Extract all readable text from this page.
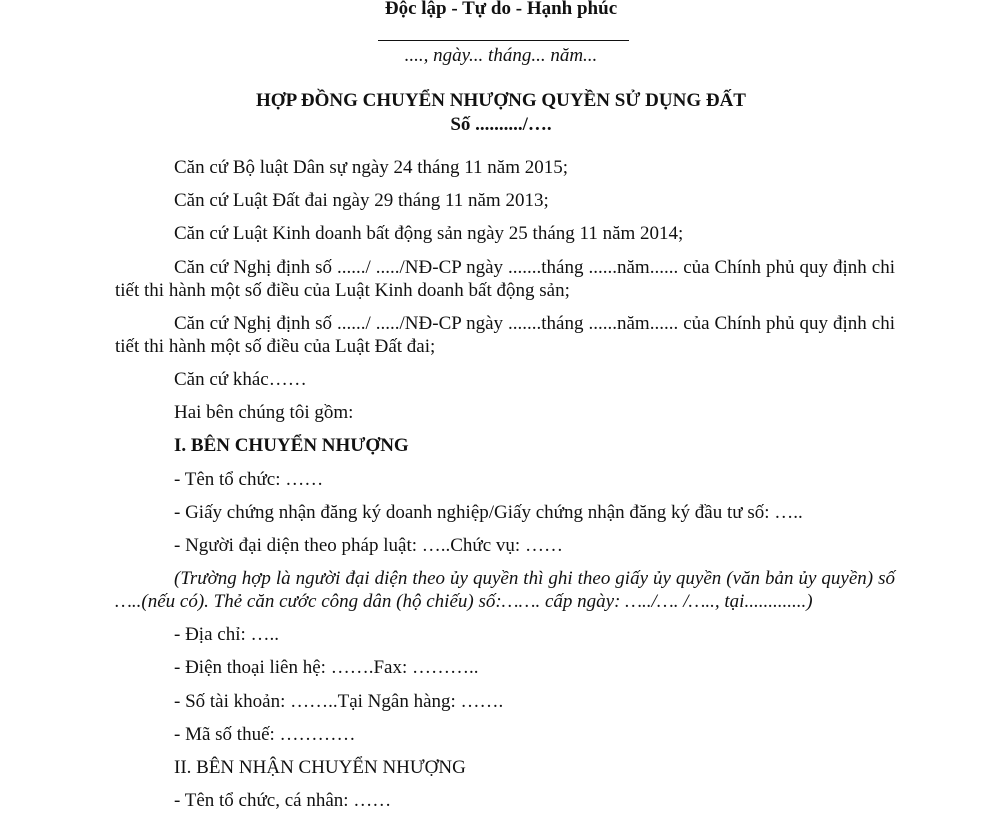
Độc lập - Tự do - Hạnh phúc
...., ngày... tháng... năm...
HỢP ĐỒNG CHUYỂN NHƯỢNG QUYỀN SỬ DỤNG ĐẤT
Số ........../….

Căn cứ Bộ luật Dân sự ngày 24 tháng 11 năm 2015;

Căn cứ Luật Đất đai ngày 29 tháng 11 năm 2013;

Căn cứ Luật Kinh doanh bất động sản ngày 25 tháng 11 năm 2014;

Căn cứ Nghị định số ....../ ...../NĐ-CP ngày .......tháng ......năm...... của Chính phủ quy định chi tiết thi hành một số điều của Luật Kinh doanh bất động sản;

Căn cứ Nghị định số ....../ ...../NĐ-CP ngày .......tháng ......năm...... của Chính phủ quy định chi tiết thi hành một số điều của Luật Đất đai;

Căn cứ khác……

Hai bên chúng tôi gồm:

I. BÊN CHUYỂN NHƯỢNG

- Tên tổ chức: ……

- Giấy chứng nhận đăng ký doanh nghiệp/Giấy chứng nhận đăng ký đầu tư số: …..

- Người đại diện theo pháp luật: …..Chức vụ: ……

(Trường hợp là người đại diện theo ủy quyền thì ghi theo giấy ủy quyền (văn bản ủy quyền) số …..(nếu có). Thẻ căn cước công dân (hộ chiếu) số:……. cấp ngày: …../…. /….., tại.............)

- Địa chỉ: …..

- Điện thoại liên hệ: …….Fax: ………..

- Số tài khoản: ……..Tại Ngân hàng: …….

- Mã số thuế: …………

II. BÊN NHẬN CHUYỂN NHƯỢNG

- Tên tổ chức, cá nhân: ……
